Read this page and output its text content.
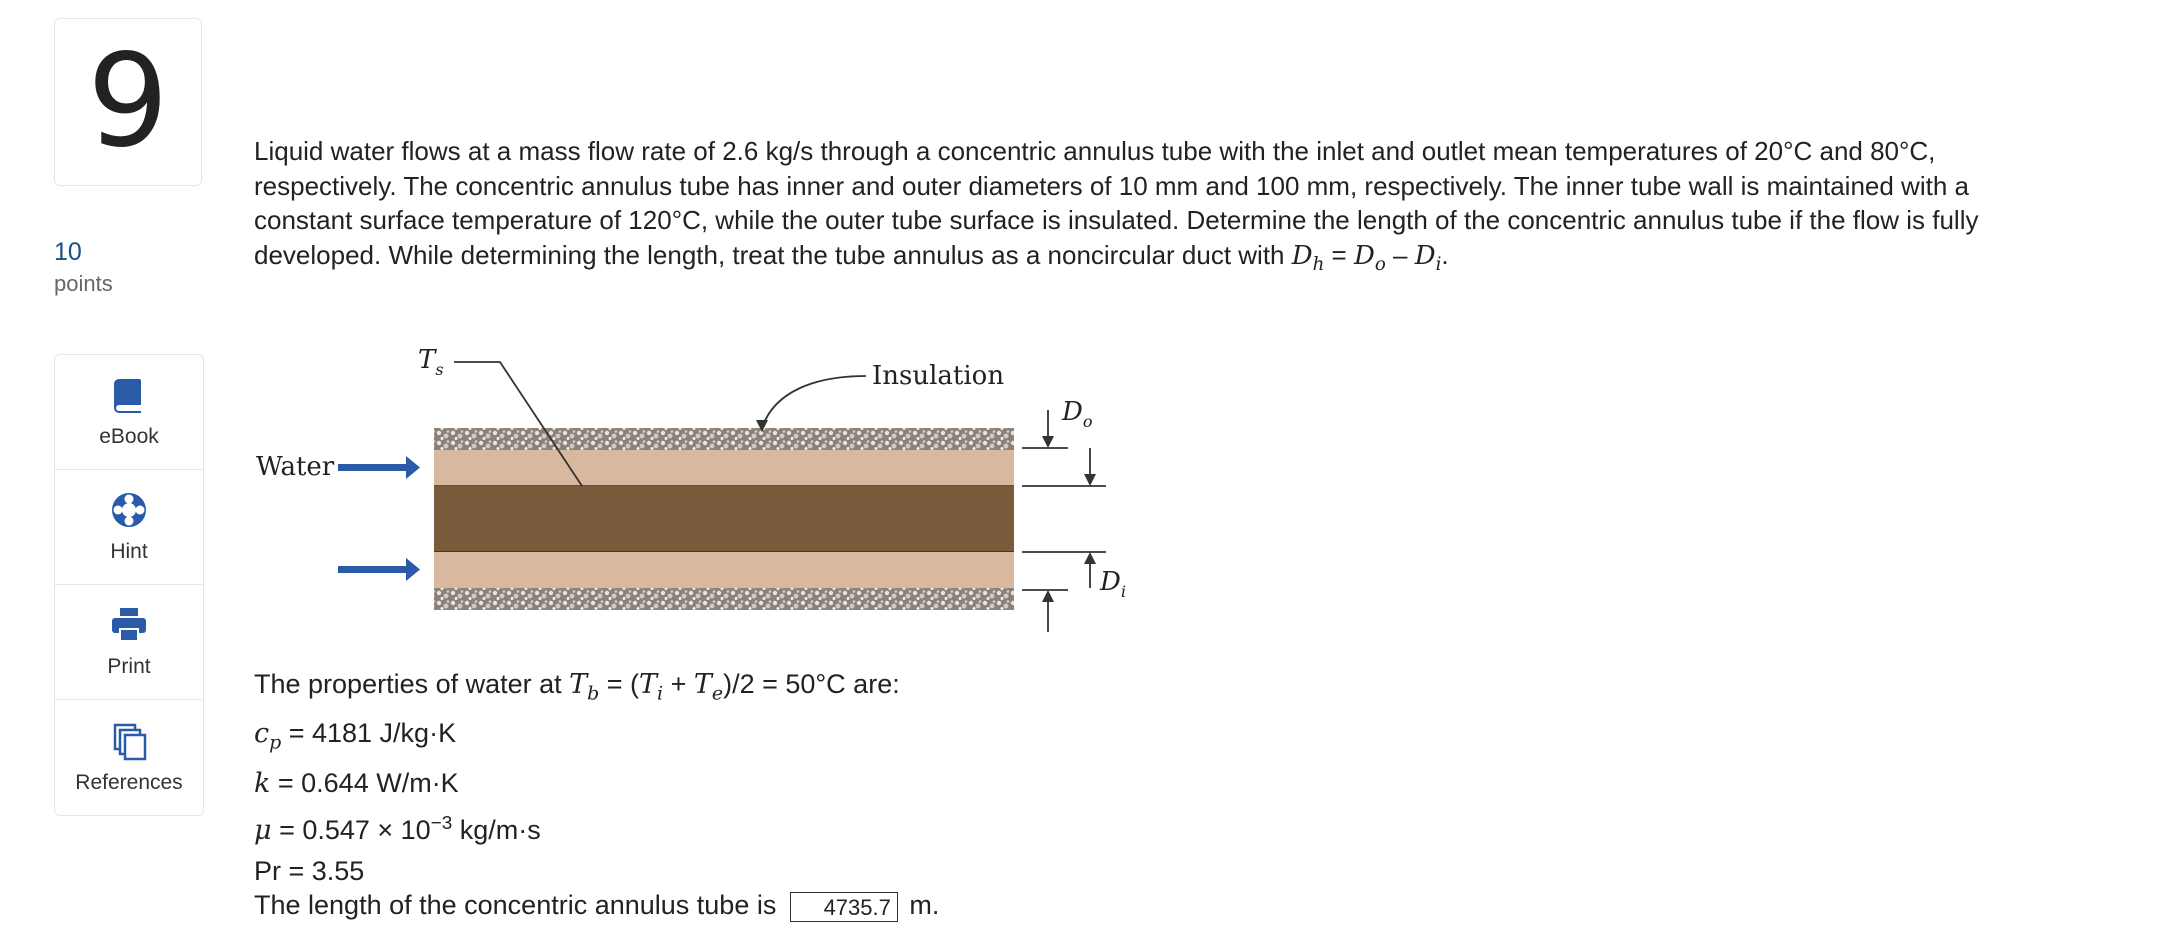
9
10
points
eBook
Hint
Print
References

Liquid water flows at a mass flow rate of 2.6 kg/s through a concentric annulus tube with the inlet and outlet mean temperatures of 20°C and 80°C, respectively. The concentric annulus tube has inner and outer diameters of 10 mm and 100 mm, respectively. The inner tube wall is maintained with a constant surface temperature of 120°C, while the outer tube surface is insulated. Determine the length of the concentric annulus tube if the flow is fully developed. While determining the length, treat the tube annulus as a noncircular duct with $D_h = D_o - D_i$.

Water
$T_s$	Insulation
$D_o$
$D_i$

The properties of water at $T_b = (T_i + T_e)/2 = 50^\circ C$ are:

$c_p = 4181$ J/kg·K

k = 0.644 W/m·K

$\mu = 0.547 \times 10^{-3}$ kg/m·s

Pr = 3.55

The length of the concentric annulus tube is 4735.7 m.
